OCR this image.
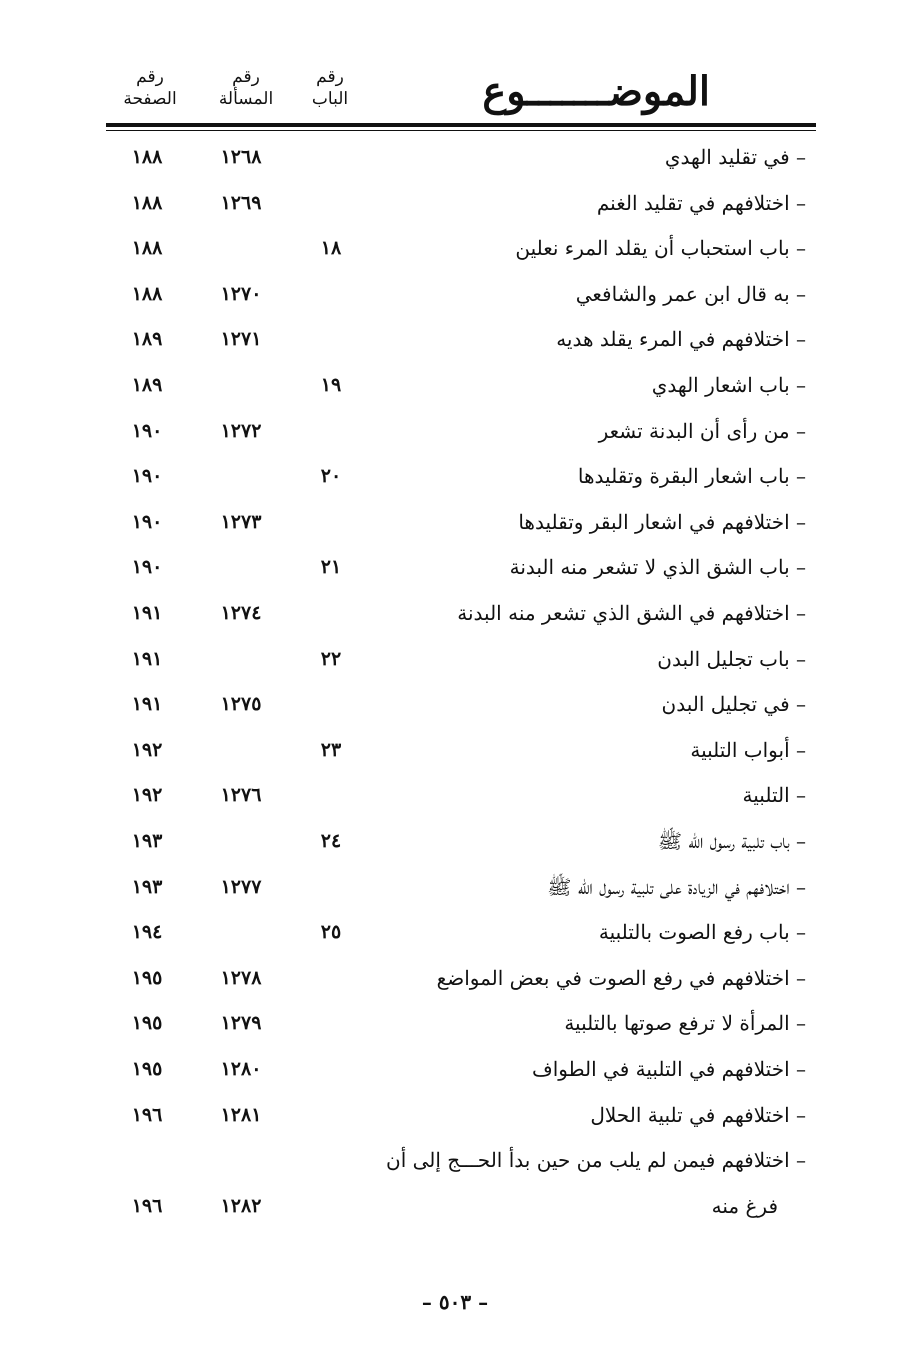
الموضـــــــوع
رقم
الباب
رقم
المسألة
رقم
الصفحة
– في تقليد الهدي
١٢٦٨
١٨٨
– اختلافهم في تقليد الغنم
١٢٦٩
١٨٨
– باب استحباب أن يقلد المرء نعلين
١٨
١٨٨
– به قال ابن عمر والشافعي
١٢٧٠
١٨٨
– اختلافهم في المرء يقلد هديه
١٢٧١
١٨٩
– باب اشعار الهدي
١٩
١٨٩
– من رأى أن البدنة تشعر
١٢٧٢
١٩٠
– باب اشعار البقرة وتقليدها
٢٠
١٩٠
– اختلافهم في اشعار البقر وتقليدها
١٢٧٣
١٩٠
– باب الشق الذي لا تشعر منه البدنة
٢١
١٩٠
– اختلافهم في الشق الذي تشعر منه البدنة
١٢٧٤
١٩١
– باب تجليل البدن
٢٢
١٩١
– في تجليل البدن
١٢٧٥
١٩١
– أبواب التلبية
٢٣
١٩٢
– التلبية
١٢٧٦
١٩٢
– باب تلبية رسول الله ﷺ
٢٤
١٩٣
– اختلافهم في الزيادة على تلبية رسول الله ﷺ
١٢٧٧
١٩٣
– باب رفع الصوت بالتلبية
٢٥
١٩٤
– اختلافهم في رفع الصوت في بعض المواضع
١٢٧٨
١٩٥
– المرأة لا ترفع صوتها بالتلبية
١٢٧٩
١٩٥
– اختلافهم في التلبية في الطواف
١٢٨٠
١٩٥
– اختلافهم في تلبية الحلال
١٢٨١
١٩٦
– اختلافهم فيمن لم يلب من حين بدأ الحـــج إلى أن
فرغ منه
١٢٨٢
١٩٦
– ٥٠٣ –
